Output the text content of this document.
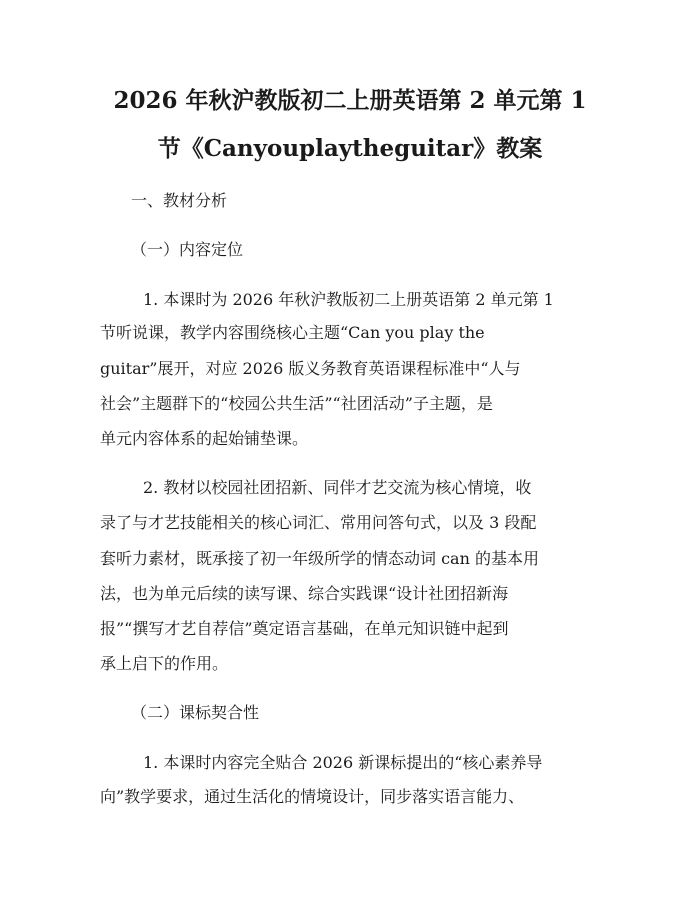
2026 年秋沪教版初二上册英语第 2 单元第 1
节《Canyouplaytheguitar》教案
一、教材分析
（一）内容定位
1. 本课时为 2026 年秋沪教版初二上册英语第 2 单元第 1
节听说课，教学内容围绕核心主题“Can you play the
guitar”展开，对应 2026 版义务教育英语课程标准中“人与
社会”主题群下的“校园公共生活”“社团活动”子主题，是
单元内容体系的起始铺垫课。
2. 教材以校园社团招新、同伴才艺交流为核心情境，收
录了与才艺技能相关的核心词汇、常用问答句式，以及 3 段配
套听力素材，既承接了初一年级所学的情态动词 can 的基本用
法，也为单元后续的读写课、综合实践课“设计社团招新海
报”“撰写才艺自荐信”奠定语言基础，在单元知识链中起到
承上启下的作用。
（二）课标契合性
1. 本课时内容完全贴合 2026 新课标提出的“核心素养导
向”教学要求，通过生活化的情境设计，同步落实语言能力、
